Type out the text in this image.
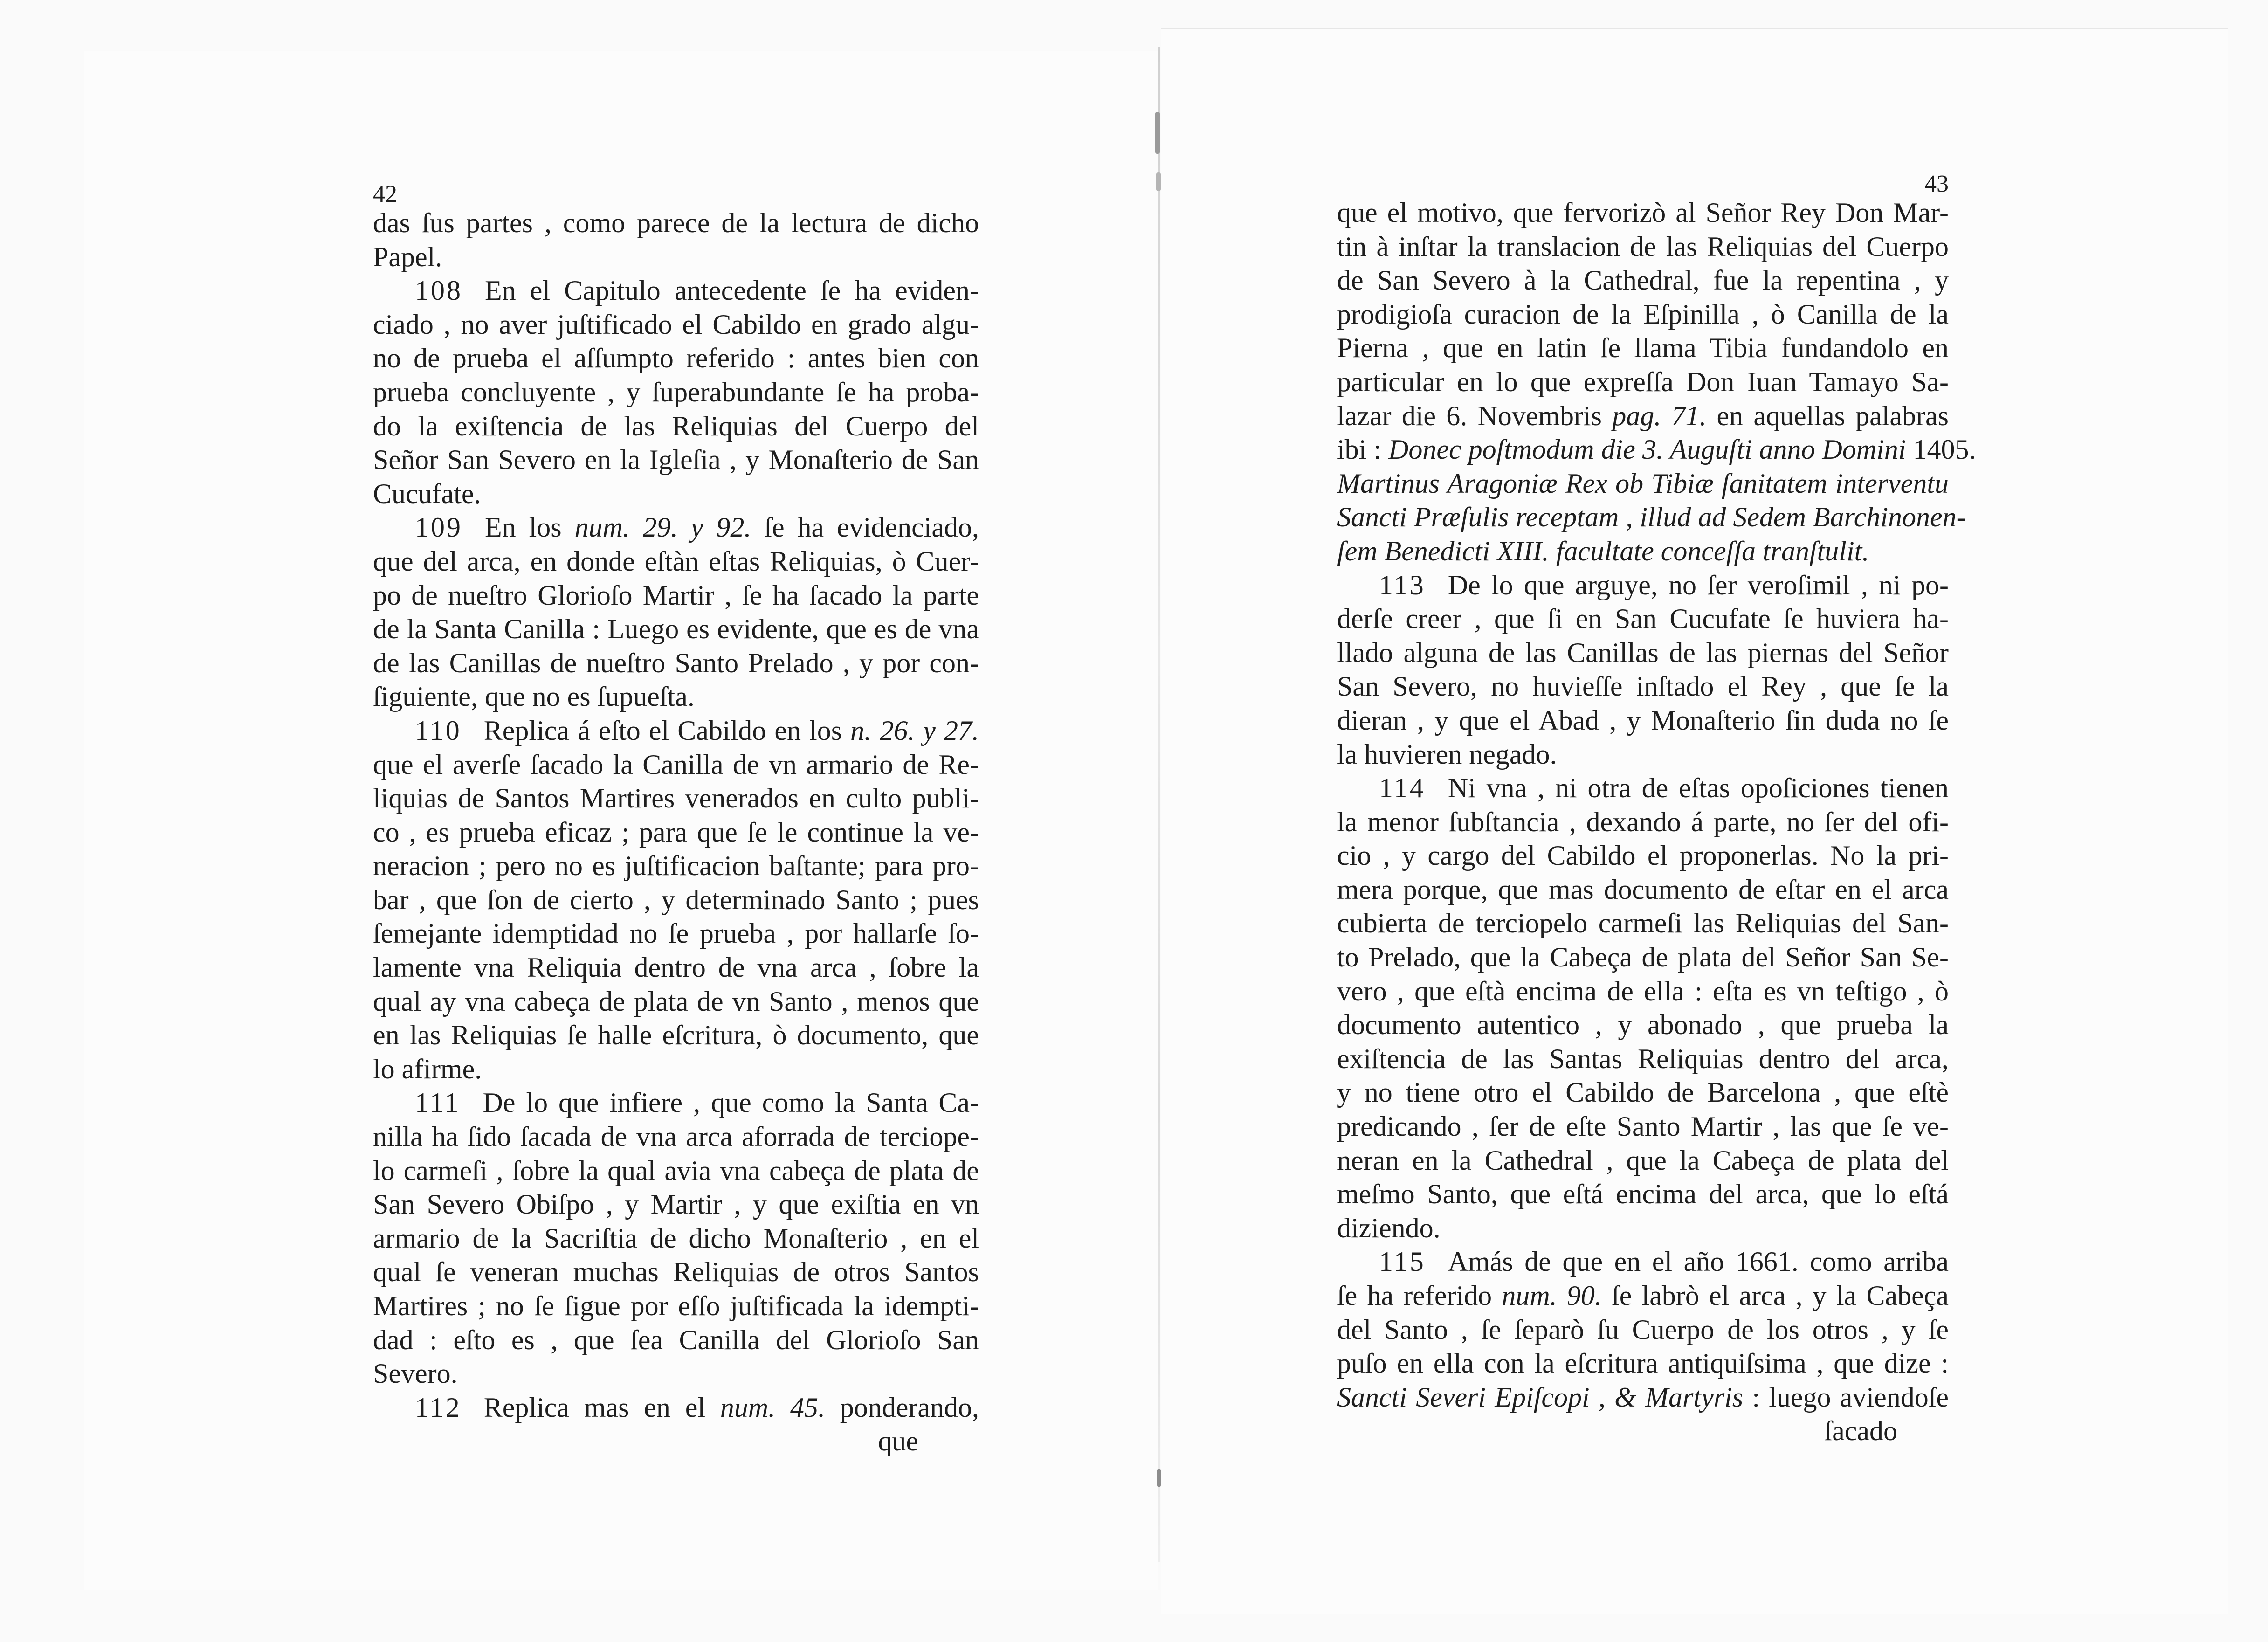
42
das ſus partes , como parece de la lectura de dicho
Papel.
108 En el Capitulo antecedente ſe ha eviden-
ciado , no aver juſtificado el Cabildo en grado algu-
no de prueba el aſſumpto referido : antes bien con
prueba concluyente , y ſuperabundante ſe ha proba-
do la exiſtencia de las Reliquias del Cuerpo del
Señor San Severo en la Igleſia , y Monaſterio de San
Cucufate.
109 En los num. 29. y 92. ſe ha evidenciado,
que del arca, en donde eſtàn eſtas Reliquias, ò Cuer-
po de nueſtro Glorioſo Martir , ſe ha ſacado la parte
de la Santa Canilla : Luego es evidente, que es de vna
de las Canillas de nueſtro Santo Prelado , y por con-
ſiguiente, que no es ſupueſta.
110 Replica á eſto el Cabildo en los n. 26. y 27.
que el averſe ſacado la Canilla de vn armario de Re-
liquias de Santos Martires venerados en culto publi-
co , es prueba eficaz ; para que ſe le continue la ve-
neracion ; pero no es juſtificacion baſtante; para pro-
bar , que ſon de cierto , y determinado Santo ; pues
ſemejante idemptidad no ſe prueba , por hallarſe ſo-
lamente vna Reliquia dentro de vna arca , ſobre la
qual ay vna cabeça de plata de vn Santo , menos que
en las Reliquias ſe halle eſcritura, ò documento, que
lo afirme.
111 De lo que infiere , que como la Santa Ca-
nilla ha ſido ſacada de vna arca aforrada de terciope-
lo carmeſi , ſobre la qual avia vna cabeça de plata de
San Severo Obiſpo , y Martir , y que exiſtia en vn
armario de la Sacriſtia de dicho Monaſterio , en el
qual ſe veneran muchas Reliquias de otros Santos
Martires ; no ſe ſigue por eſſo juſtificada la idempti-
dad : eſto es , que ſea Canilla del Glorioſo San
Severo.
112 Replica mas en el num. 45. ponderando,
que
43
que el motivo, que fervorizò al Señor Rey Don Mar-
tin à inſtar la translacion de las Reliquias del Cuerpo
de San Severo à la Cathedral, fue la repentina , y
prodigioſa curacion de la Eſpinilla , ò Canilla de la
Pierna , que en latin ſe llama Tibia fundandolo en
particular en lo que expreſſa Don Iuan Tamayo Sa-
lazar die 6. Novembris pag. 71. en aquellas palabras
ibi : Donec poſtmodum die 3. Auguſti anno Domini 1405.
Martinus Aragoniæ Rex ob Tibiæ ſanitatem interventu
Sancti Præſulis receptam , illud ad Sedem Barchinonen-
ſem Benedicti XIII. facultate conceſſa tranſtulit.
113 De lo que arguye, no ſer veroſimil , ni po-
derſe creer , que ſi en San Cucufate ſe huviera ha-
llado alguna de las Canillas de las piernas del Señor
San Severo, no huvieſſe inſtado el Rey , que ſe la
dieran , y que el Abad , y Monaſterio ſin duda no ſe
la huvieren negado.
114 Ni vna , ni otra de eſtas opoſiciones tienen
la menor ſubſtancia , dexando á parte, no ſer del ofi-
cio , y cargo del Cabildo el proponerlas. No la pri-
mera porque, que mas documento de eſtar en el arca
cubierta de terciopelo carmeſi las Reliquias del San-
to Prelado, que la Cabeça de plata del Señor San Se-
vero , que eſtà encima de ella : eſta es vn teſtigo , ò
documento autentico , y abonado , que prueba la
exiſtencia de las Santas Reliquias dentro del arca,
y no tiene otro el Cabildo de Barcelona , que eſtè
predicando , ſer de eſte Santo Martir , las que ſe ve-
neran en la Cathedral , que la Cabeça de plata del
meſmo Santo, que eſtá encima del arca, que lo eſtá
diziendo.
115 Amás de que en el año 1661. como arriba
ſe ha referido num. 90. ſe labrò el arca , y la Cabeça
del Santo , ſe ſeparò ſu Cuerpo de los otros , y ſe
puſo en ella con la eſcritura antiquiſsima , que dize :
Sancti Severi Epiſcopi , & Martyris : luego aviendoſe
ſacado
